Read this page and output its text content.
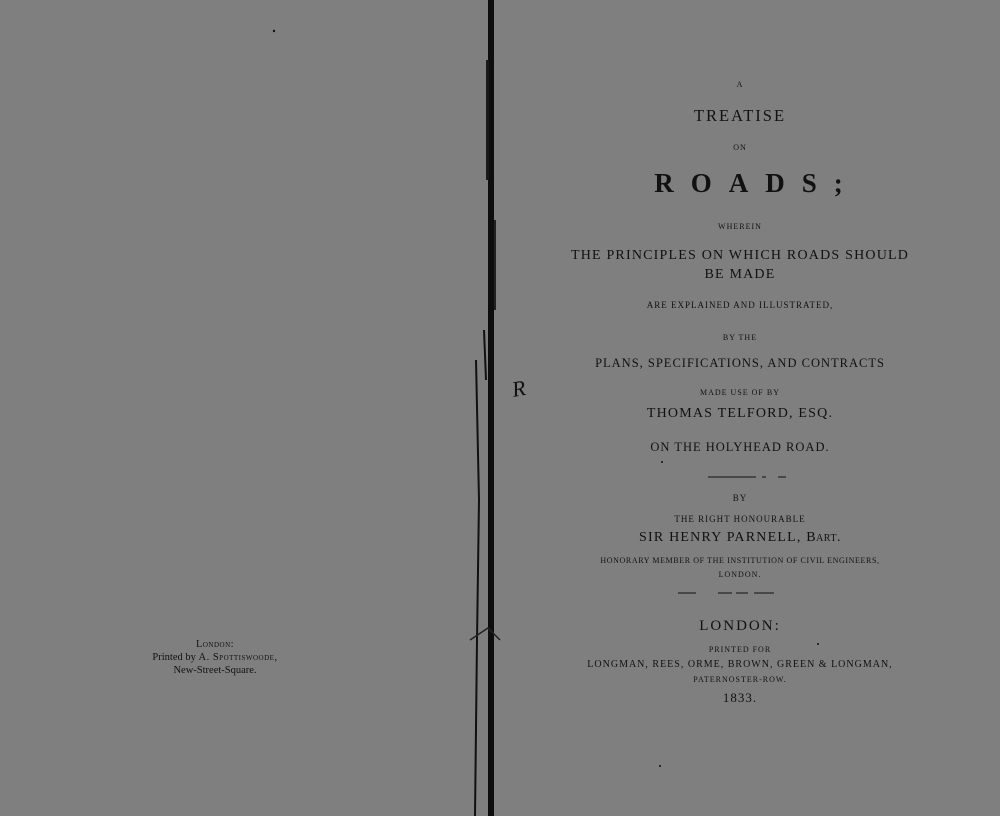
London:
Printed by A. Spottiswoode,
New-Street-Square.
R
A
TREATISE
ON
ROADS;
WHEREIN
THE PRINCIPLES ON WHICH ROADS SHOULD
BE MADE
ARE EXPLAINED AND ILLUSTRATED,
BY THE
PLANS, SPECIFICATIONS, AND CONTRACTS
MADE USE OF BY
THOMAS TELFORD, ESQ.
ON THE HOLYHEAD ROAD.
BY
THE RIGHT HONOURABLE
SIR HENRY PARNELL, Bart.
HONORARY MEMBER OF THE INSTITUTION OF CIVIL ENGINEERS,
LONDON.
LONDON:
PRINTED FOR
LONGMAN, REES, ORME, BROWN, GREEN & LONGMAN,
PATERNOSTER-ROW.
1833.
